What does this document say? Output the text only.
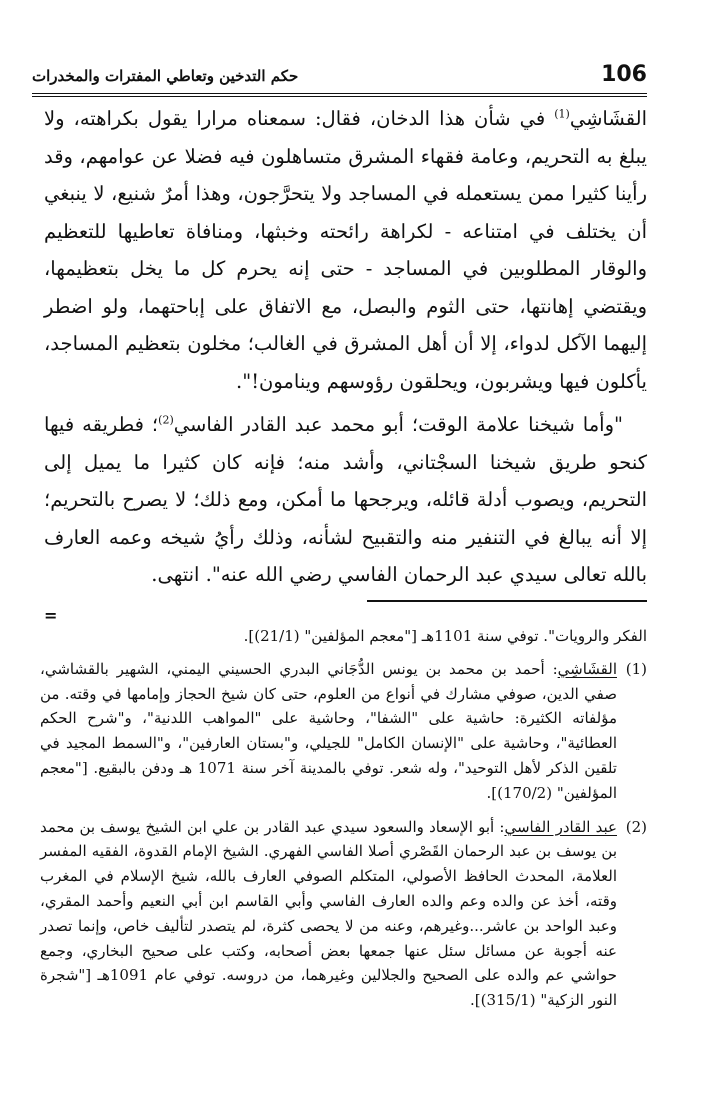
106
حكم التدخين وتعاطي المفترات والمخدرات

القشَاشِي$^{(1)}$ في شأن هذا الدخان، فقال: سمعناه مرارا يقول بكراهته، ولا يبلغ به التحريم، وعامة فقهاء المشرق متساهلون فيه فضلا عن عوامهم، وقد رأينا كثيرا ممن يستعمله في المساجد ولا يتحرَّجون، وهذا أمرٌ شنيع، لا ينبغي أن يختلف في امتناعه - لكراهة رائحته وخبثها، ومنافاة تعاطيها للتعظيم والوقار المطلوبين في المساجد - حتى إنه يحرم كل ما يخل بتعظيمها، ويقتضي إهانتها، حتى الثوم والبصل، مع الاتفاق على إباحتهما، ولو اضطر إليهما الآكل لدواء، إلا أن أهل المشرق في الغالب؛ مخلون بتعظيم المساجد، يأكلون فيها ويشربون، ويحلقون رؤوسهم وينامون!".

"وأما شيخنا علامة الوقت؛ أبو محمد عبد القادر الفاسي$^{(2)}$؛ فطريقه فيها كنحو طريق شيخنا السجْتاني، وأشد منه؛ فإنه كان كثيرا ما يميل إلى التحريم، ويصوب أدلة قائله، ويرجحها ما أمكن، ومع ذلك؛ لا يصرح بالتحريم؛ إلا أنه يبالغ في التنفير منه والتقبيح لشأنه، وذلك رأيُ شيخه وعمه العارف بالله تعالى سيدي عبد الرحمان الفاسي رضي الله عنه". انتهى.

=

الفكر والرويات". توفي سنة 1101هـ ["معجم المؤلفين" (21/1)].

(1)
القشَاشِي: أحمد بن محمد بن يونس الدُّجَاني البدري الحسيني اليمني، الشهير بالقشاشي، صفي الدين، صوفي مشارك في أنواع من العلوم، حتى كان شيخ الحجاز وإمامها في وقته. من مؤلفاته الكثيرة: حاشية على "الشفا"، وحاشية على "المواهب اللدنية"، و"شرح الحكم العطائية"، وحاشية على "الإنسان الكامل" للجيلي، و"بستان العارفين"، و"السمط المجيد في تلقين الذكر لأهل التوحيد"، وله شعر. توفي بالمدينة آخر سنة 1071 هـ ودفن بالبقيع. ["معجم المؤلفين" (170/2)].
(2)
عبد القادر الفاسي: أبو الإسعاد والسعود سيدي عبد القادر بن علي ابن الشيخ يوسف بن محمد بن يوسف بن عبد الرحمان القَصْري أصلا الفاسي الفهري. الشيخ الإمام القدوة، الفقيه المفسر العلامة، المحدث الحافظ الأصولي، المتكلم الصوفي العارف بالله، شيخ الإسلام في المغرب وقته، أخذ عن والده وعم والده العارف الفاسي وأبي القاسم ابن أبي النعيم وأحمد المقري، وعبد الواحد بن عاشر...وغيرهم، وعنه من لا يحصى كثرة، لم يتصدر لتأليف خاص، وإنما تصدر عنه أجوبة عن مسائل سئل عنها جمعها بعض أصحابه، وكتب على صحيح البخاري، وجمع حواشي عم والده على الصحيح والجلالين وغيرهما، من دروسه. توفي عام 1091هـ ["شجرة النور الزكية" (315/1)].
